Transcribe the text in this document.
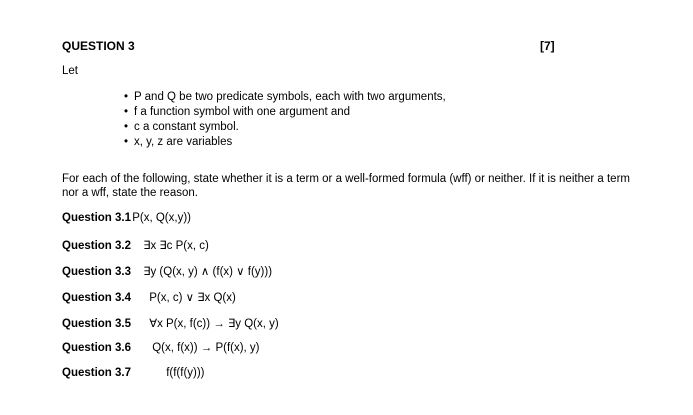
QUESTION 3	[7]
Let
• P and Q be two predicate symbols, each with two arguments,
• f a function symbol with one argument and
• c a constant symbol.
• x, y, z are variables
For each of the following, state whether it is a term or a well-formed formula (wff) or neither. If it is neither a term nor a wff, state the reason.
Question 3.1 P(x, Q(x,y))
Question 3.2 ∃x ∃c P(x, c)
Question 3.3 ∃y (Q(x, y) ∧ (f(x) ∨ f(y)))
Question 3.4 P(x, c) ∨ ∃x Q(x)
Question 3.5 ∀x P(x, f(c)) → ∃y Q(x, y)
Question 3.6 Q(x, f(x)) → P(f(x), y)
Question 3.7	f(f(f(y)))
